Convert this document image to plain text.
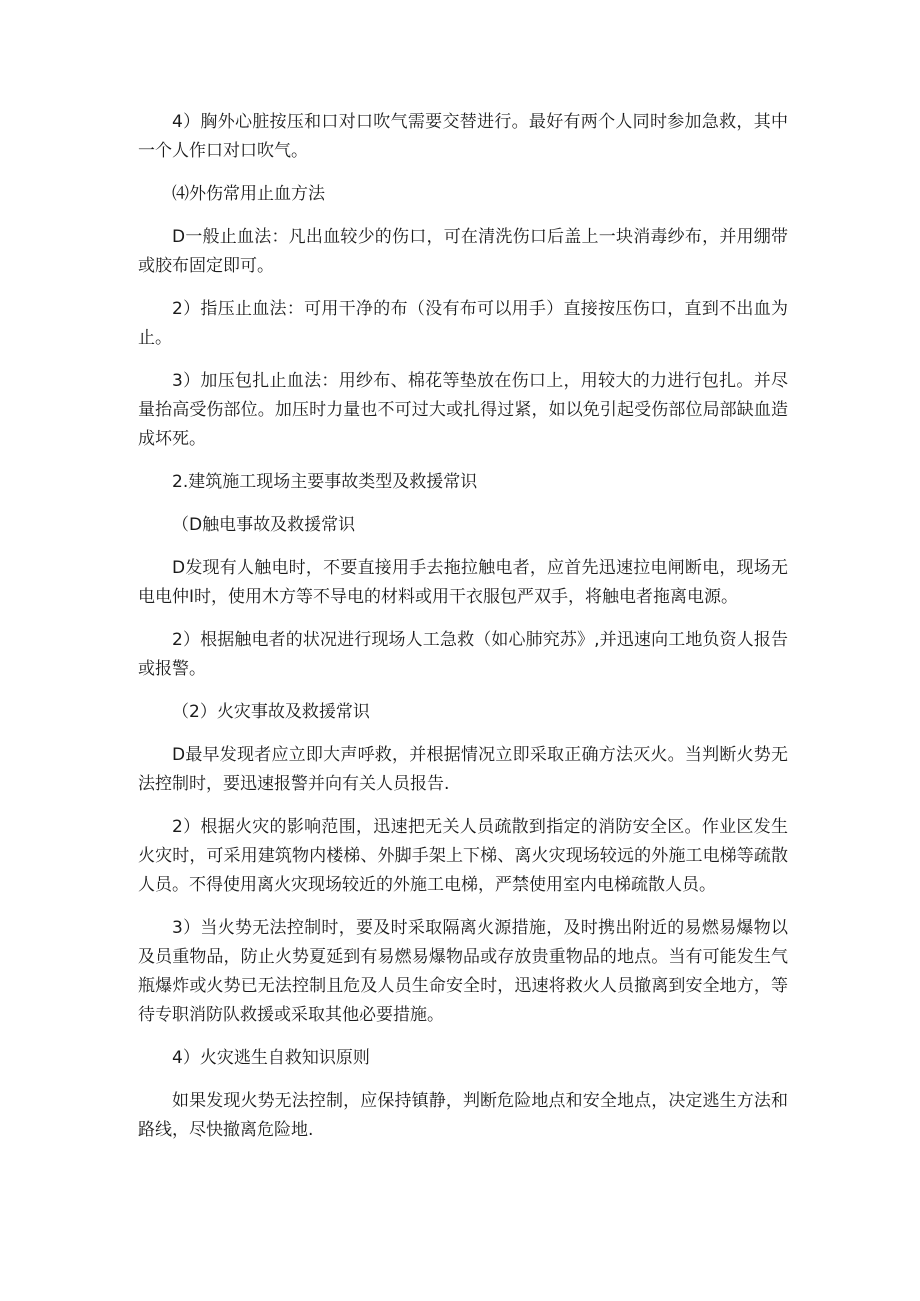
4）胸外心脏按压和口对口吹气需要交替进行。最好有两个人同时参加急救，其中一个人作口对口吹气。

⑷外伤常用止血方法

D一般止血法：凡出血较少的伤口，可在清洗伤口后盖上一块消毒纱布，并用绷带或胶布固定即可。

2）指压止血法：可用干净的布（没有布可以用手）直接按压伤口，直到不出血为止。

3）加压包扎止血法：用纱布、棉花等垫放在伤口上，用较大的力进行包扎。并尽量抬高受伤部位。加压时力量也不可过大或扎得过紧，如以免引起受伤部位局部缺血造成坏死。

2.建筑施工现场主要事故类型及救援常识

（D触电事故及救援常识

D发现有人触电时，不要直接用手去拖拉触电者，应首先迅速拉电闸断电，现场无电电仲I时，使用木方等不导电的材料或用干衣服包严双手，将触电者拖离电源。

2）根据触电者的状况进行现场人工急救（如心肺究苏》,并迅速向工地负资人报告或报警。

（2）火灾事故及救援常识

D最早发现者应立即大声呼救，并根据情况立即采取正确方法灭火。当判断火势无法控制时，要迅速报警并向有关人员报告.

2）根据火灾的影响范围，迅速把无关人员疏散到指定的消防安全区。作业区发生火灾时，可采用建筑物内楼梯、外脚手架上下梯、离火灾现场较远的外施工电梯等疏散人员。不得使用离火灾现场较近的外施工电梯，严禁使用室内电梯疏散人员。

3）当火势无法控制时，要及时采取隔离火源措施，及时携出附近的易燃易爆物以及员重物品，防止火势夏延到有易燃易爆物品或存放贵重物品的地点。当有可能发生气瓶爆炸或火势已无法控制且危及人员生命安全时，迅速将救火人员撤离到安全地方，等待专职消防队救援或采取其他必要措施。

4）火灾逃生自救知识原则

如果发现火势无法控制，应保持镇静，判断危险地点和安全地点，决定逃生方法和路线，尽快撤离危险地.
